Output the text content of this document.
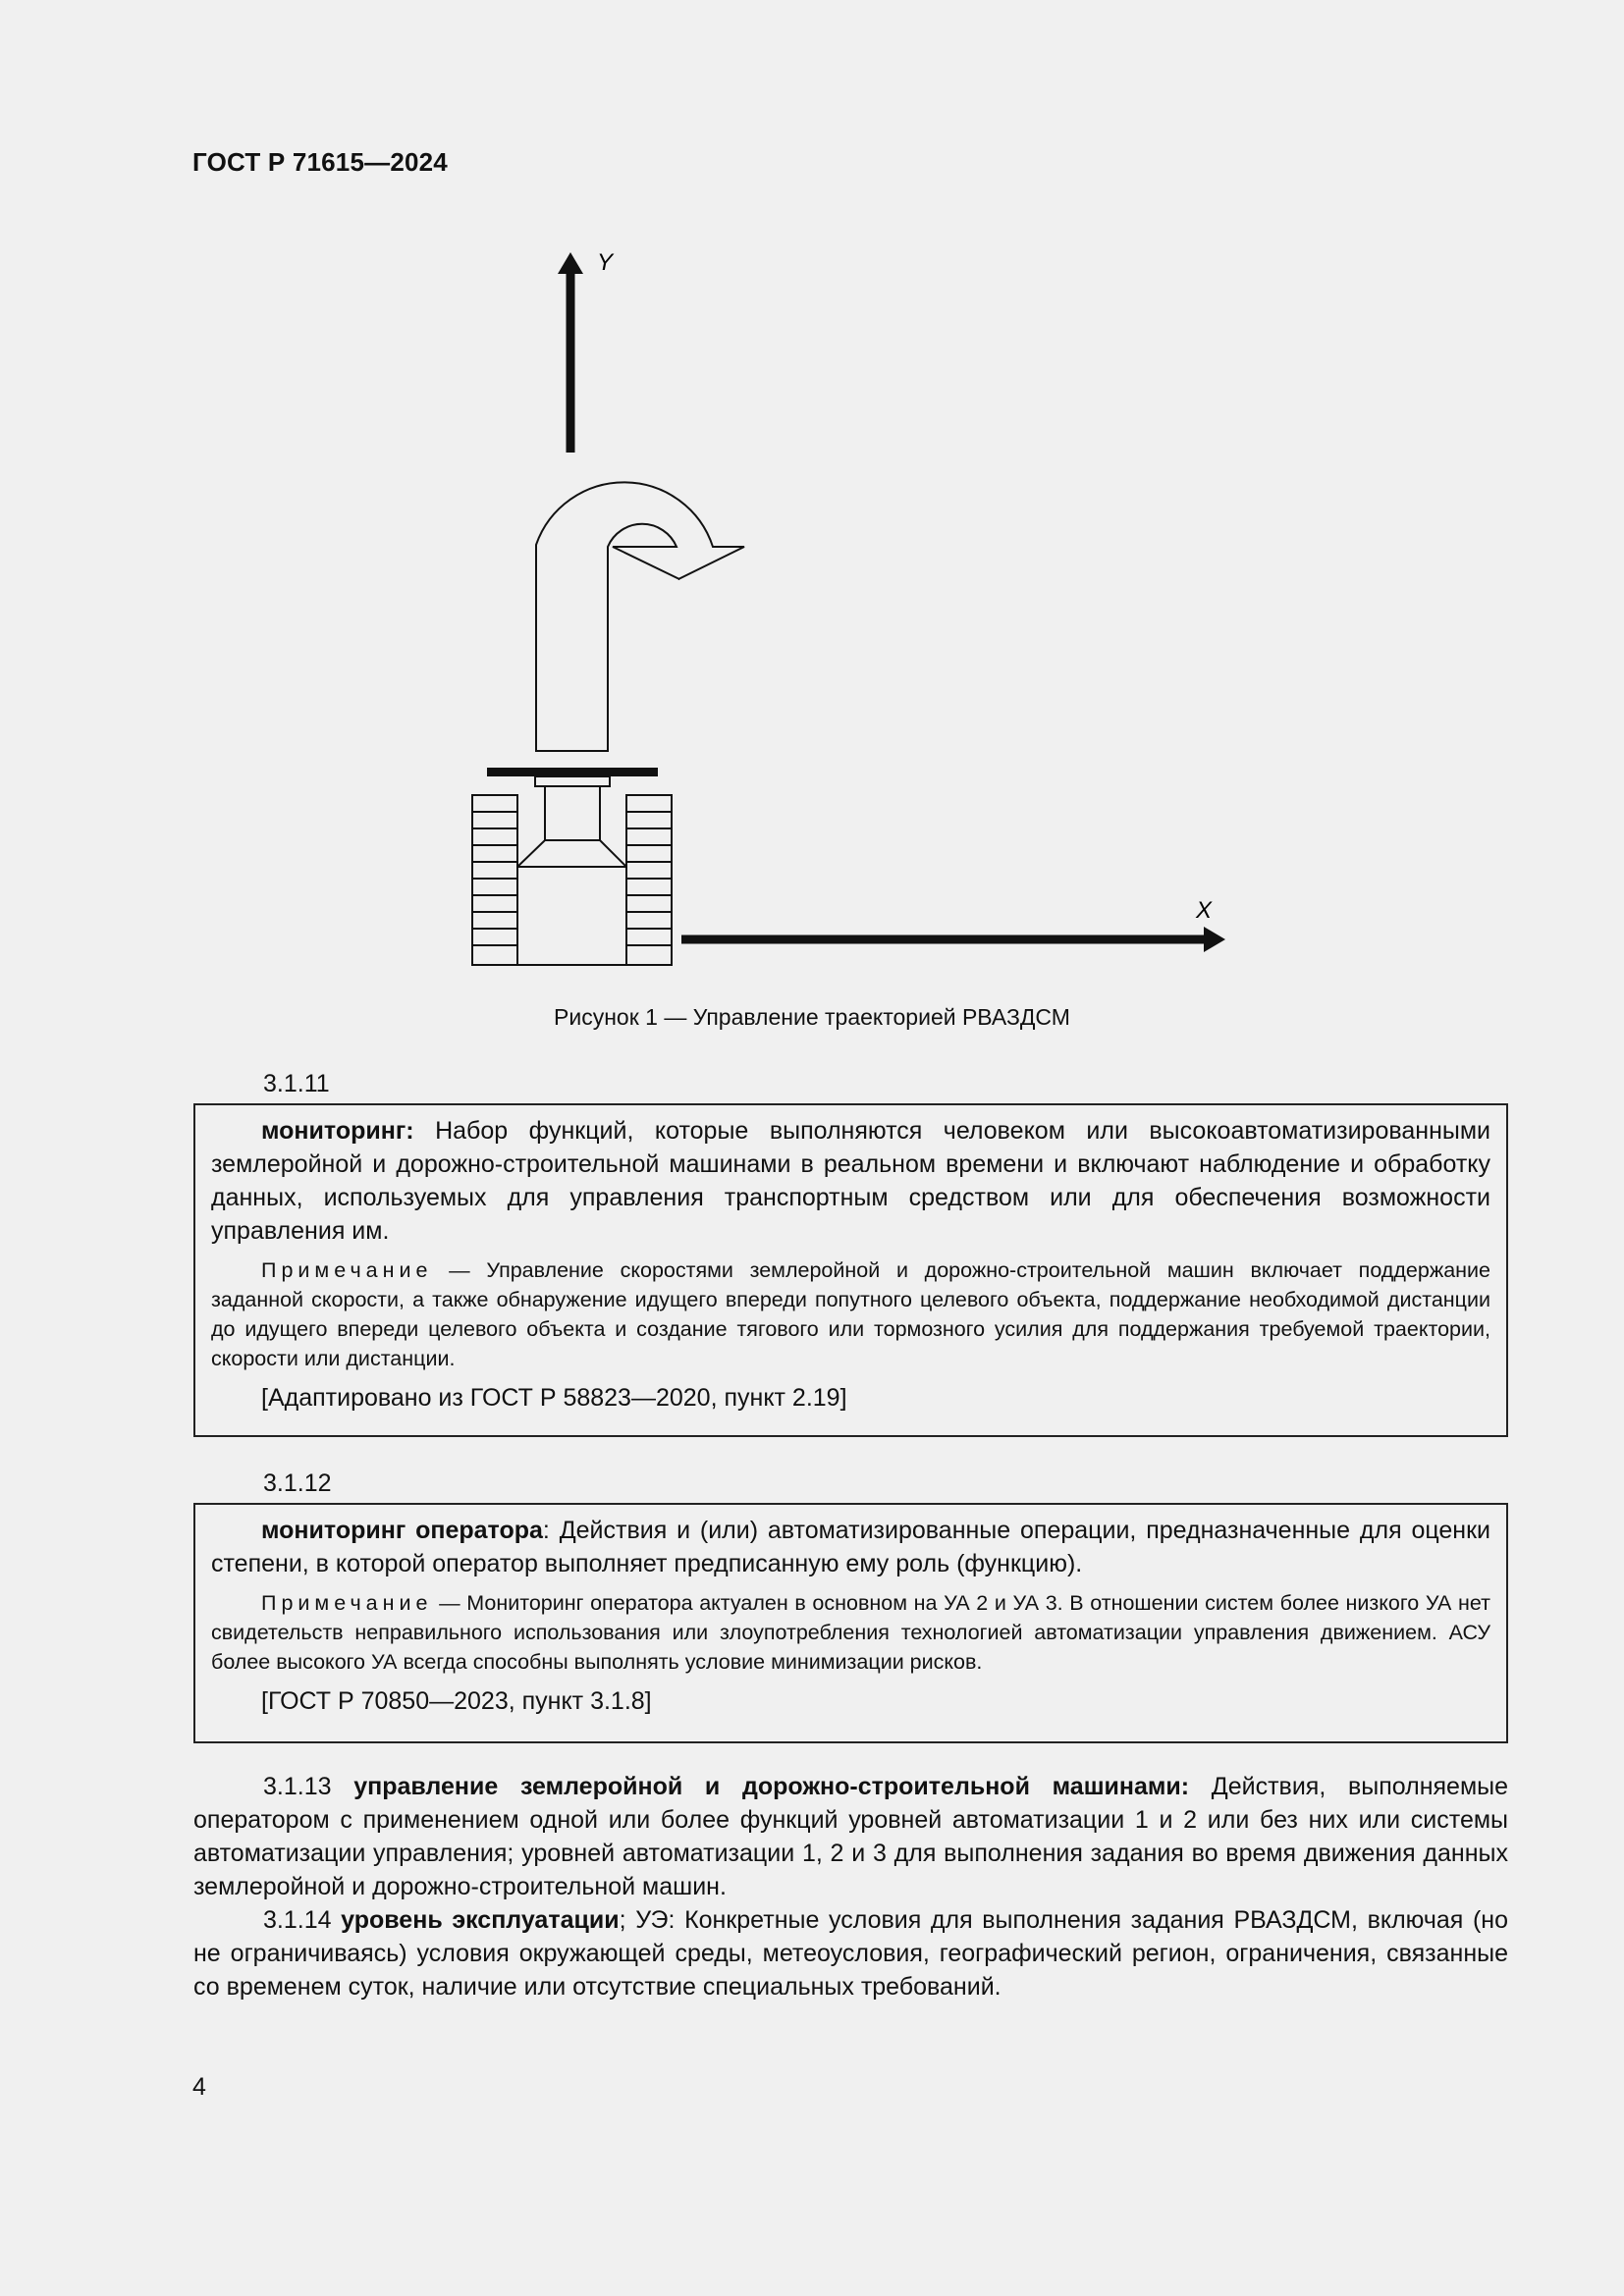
ГОСТ Р 71615—2024
Y
X
Рисунок 1 — Управление траекторией РВАЗДСМ
3.1.11

мониторинг: Набор функций, которые выполняются человеком или высокоавтоматизированными землеройной и дорожно-строительной машинами в реальном времени и включают наблюдение и обработку данных, используемых для управления транспортным средством или для обеспечения возможности управления им.

Примечание — Управление скоростями землеройной и дорожно-строительной машин включает поддержание заданной скорости, а также обнаружение идущего впереди попутного целевого объекта, поддержание необходимой дистанции до идущего впереди целевого объекта и создание тягового или тормозного усилия для поддержания требуемой траектории, скорости или дистанции.

[Адаптировано из ГОСТ Р 58823—2020, пункт 2.19]

3.1.12

мониторинг оператора: Действия и (или) автоматизированные операции, предназначенные для оценки степени, в которой оператор выполняет предписанную ему роль (функцию).

Примечание — Мониторинг оператора актуален в основном на УА 2 и УА 3. В отношении систем более низкого УА нет свидетельств неправильного использования или злоупотребления технологией автоматизации управления движением. АСУ более высокого УА всегда способны выполнять условие минимизации рисков.

[ГОСТ Р 70850—2023, пункт 3.1.8]

3.1.13 управление землеройной и дорожно-строительной машинами: Действия, выполняемые оператором с применением одной или более функций уровней автоматизации 1 и 2 или без них или системы автоматизации управления; уровней автоматизации 1, 2 и 3 для выполнения задания во время движения данных землеройной и дорожно-строительной машин.

3.1.14 уровень эксплуатации; УЭ: Конкретные условия для выполнения задания РВАЗДСМ, включая (но не ограничиваясь) условия окружающей среды, метеоусловия, географический регион, ограничения, связанные со временем суток, наличие или отсутствие специальных требований.

4
